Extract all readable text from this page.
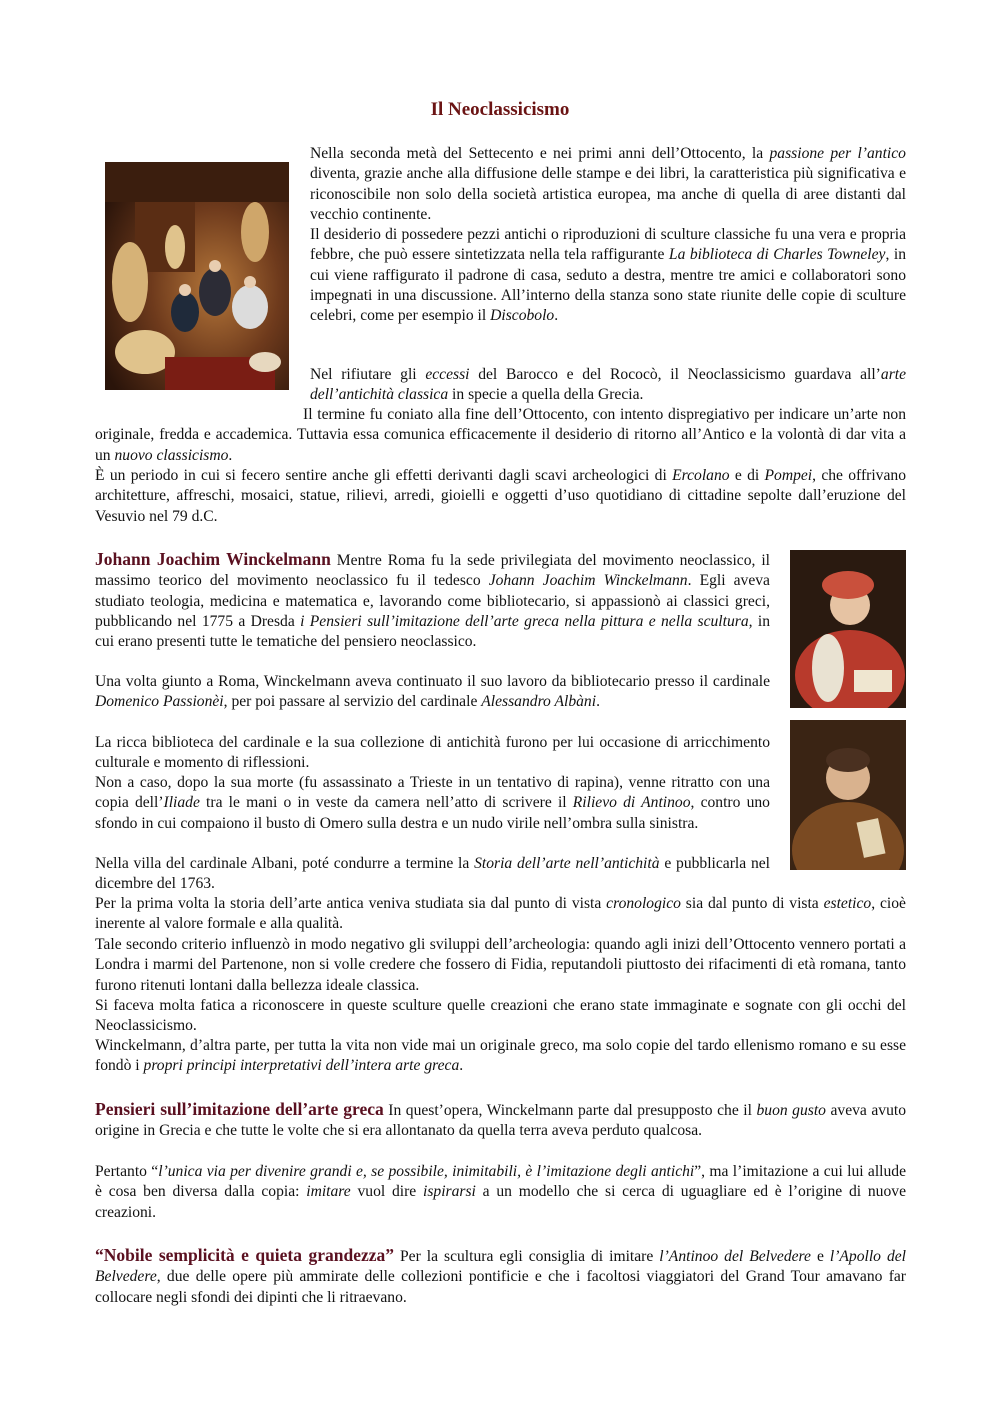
Il Neoclassicismo

Nella seconda metà del Settecento e nei primi anni dell’Ottocento, la passione per l’antico diventa, grazie anche alla diffusione delle stampe e dei libri, la caratteristica più significativa e riconoscibile non solo della società artistica europea, ma anche di quella di aree distanti dal vecchio continente.

Il desiderio di possedere pezzi antichi o riproduzioni di sculture classiche fu una vera e propria febbre, che può essere sintetizzata nella tela raffigurante La biblioteca di Charles Towneley, in cui viene raffigurato il padrone di casa, seduto a destra, mentre tre amici e collaboratori sono impegnati in una discussione. All’interno della stanza sono state riunite delle copie di sculture celebri, come per esempio il Discobolo.

Nel rifiutare gli eccessi del Barocco e del Rococò, il Neoclassicismo guardava all’arte dell’antichità classica in specie a quella della Grecia.

Il termine fu coniato alla fine dell’Ottocento, con intento dispregiativo per indicare un’arte non originale, fredda e accademica. Tuttavia essa comunica efficacemente il desiderio di ritorno all’Antico e la volontà di dar vita a un nuovo classicismo.

È un periodo in cui si fecero sentire anche gli effetti derivanti dagli scavi archeologici di Ercolano e di Pompei, che offrivano architetture, affreschi, mosaici, statue, rilievi, arredi, gioielli e oggetti d’uso quotidiano di cittadine sepolte dall’eruzione del Vesuvio nel 79 d.C.

Johann Joachim Winckelmann Mentre Roma fu la sede privilegiata del movimento neoclassico, il massimo teorico del movimento neoclassico fu il tedesco Johann Joachim Winckelmann. Egli aveva studiato teologia, medicina e matematica e, lavorando come bibliotecario, si appassionò ai classici greci, pubblicando nel 1775 a Dresda i Pensieri sull’imitazione dell’arte greca nella pittura e nella scultura, in cui erano presenti tutte le tematiche del pensiero neoclassico.

Una volta giunto a Roma, Winckelmann aveva continuato il suo lavoro da bibliotecario presso il cardinale Domenico Passionèi, per poi passare al servizio del cardinale Alessandro Albàni.

La ricca biblioteca del cardinale e la sua collezione di antichità furono per lui occasione di arricchimento culturale e momento di riflessioni.

Non a caso, dopo la sua morte (fu assassinato a Trieste in un tentativo di rapina), venne ritratto con una copia dell’Iliade tra le mani o in veste da camera nell’atto di scrivere il Rilievo di Antinoo, contro uno sfondo in cui compaiono il busto di Omero sulla destra e un nudo virile nell’ombra sulla sinistra.

Nella villa del cardinale Albani, poté condurre a termine la Storia dell’arte nell’antichità e pubblicarla nel dicembre del 1763.

Per la prima volta la storia dell’arte antica veniva studiata sia dal punto di vista cronologico sia dal punto di vista estetico, cioè inerente al valore formale e alla qualità.

Tale secondo criterio influenzò in modo negativo gli sviluppi dell’archeologia: quando agli inizi dell’Ottocento vennero portati a Londra i marmi del Partenone, non si volle credere che fossero di Fidia, reputandoli piuttosto dei rifacimenti di età romana, tanto furono ritenuti lontani dalla bellezza ideale classica.

Si faceva molta fatica a riconoscere in queste sculture quelle creazioni che erano state immaginate e sognate con gli occhi del Neoclassicismo.

Winckelmann, d’altra parte, per tutta la vita non vide mai un originale greco, ma solo copie del tardo ellenismo romano e su esse fondò i propri principi interpretativi dell’intera arte greca.

Pensieri sull’imitazione dell’arte greca In quest’opera, Winckelmann parte dal presupposto che il buon gusto aveva avuto origine in Grecia e che tutte le volte che si era allontanato da quella terra aveva perduto qualcosa.

Pertanto “l’unica via per divenire grandi e, se possibile, inimitabili, è l’imitazione degli antichi”, ma l’imitazione a cui lui allude è cosa ben diversa dalla copia: imitare vuol dire ispirarsi a un modello che si cerca di uguagliare ed è l’origine di nuove creazioni.

“Nobile semplicità e quieta grandezza” Per la scultura egli consiglia di imitare l’Antinoo del Belvedere e l’Apollo del Belvedere, due delle opere più ammirate delle collezioni pontificie e che i facoltosi viaggiatori del Grand Tour amavano far collocare negli sfondi dei dipinti che li ritraevano.
